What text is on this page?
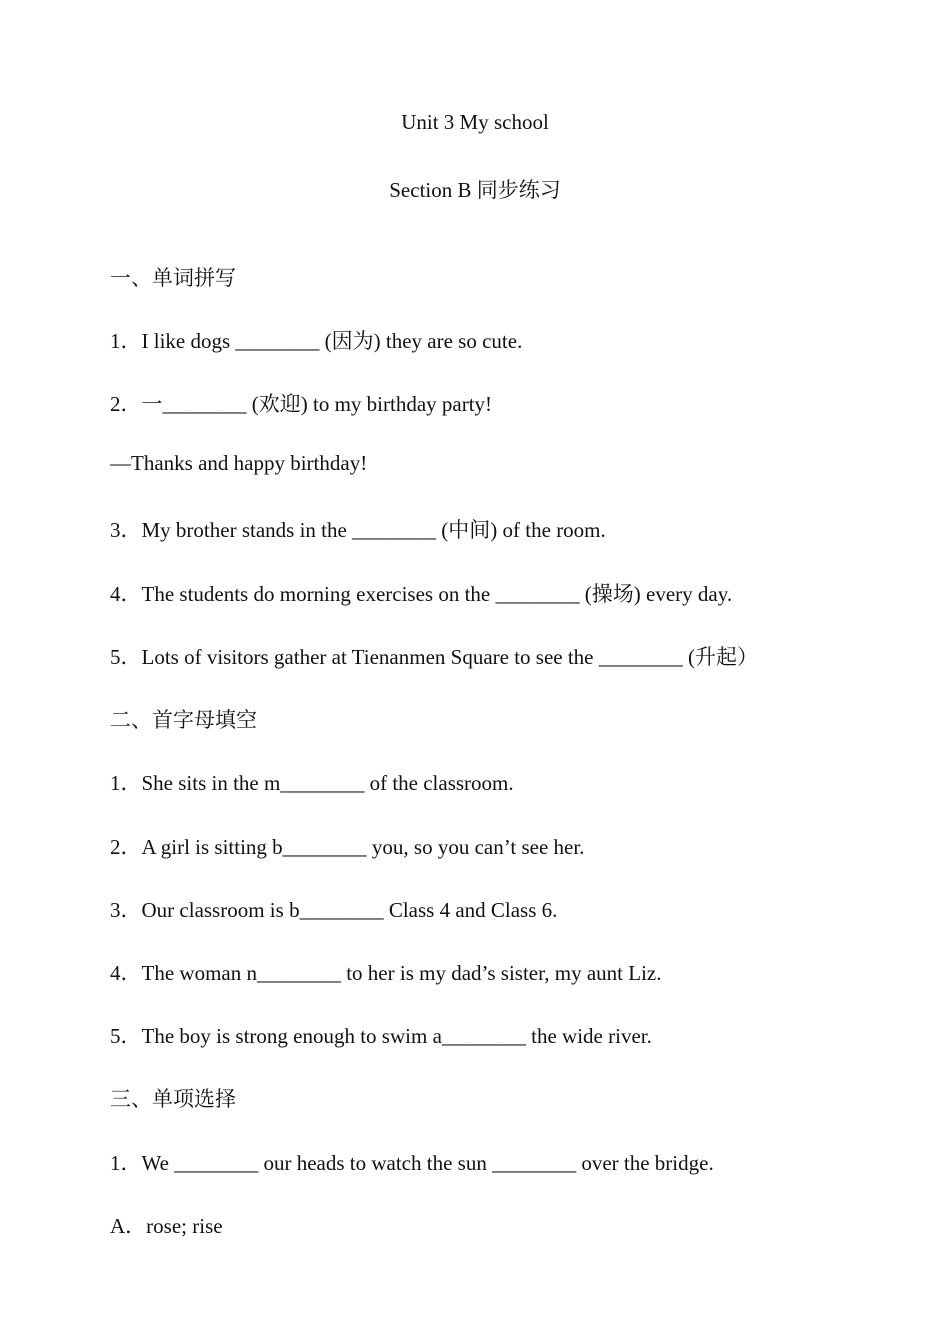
Unit 3 My school
Section B 同步练习
一、单词拼写
1．I like dogs ________ (因为) they are so cute.
2．一________ (欢迎) to my birthday party!
—Thanks and happy birthday!
3．My brother stands in the ________ (中间) of the room.
4．The students do morning exercises on the ________ (操场) every day.
5．Lots of visitors gather at Tienanmen Square to see the ________ (升起）
二、首字母填空
1．She sits in the m________ of the classroom.
2．A girl is sitting b________ you, so you can’t see her.
3．Our classroom is b________ Class 4 and Class 6.
4．The woman n________ to her is my dad’s sister, my aunt Liz.
5．The boy is strong enough to swim a________ the wide river.
三、单项选择
1．We ________ our heads to watch the sun ________ over the bridge.
A．rose; rise
